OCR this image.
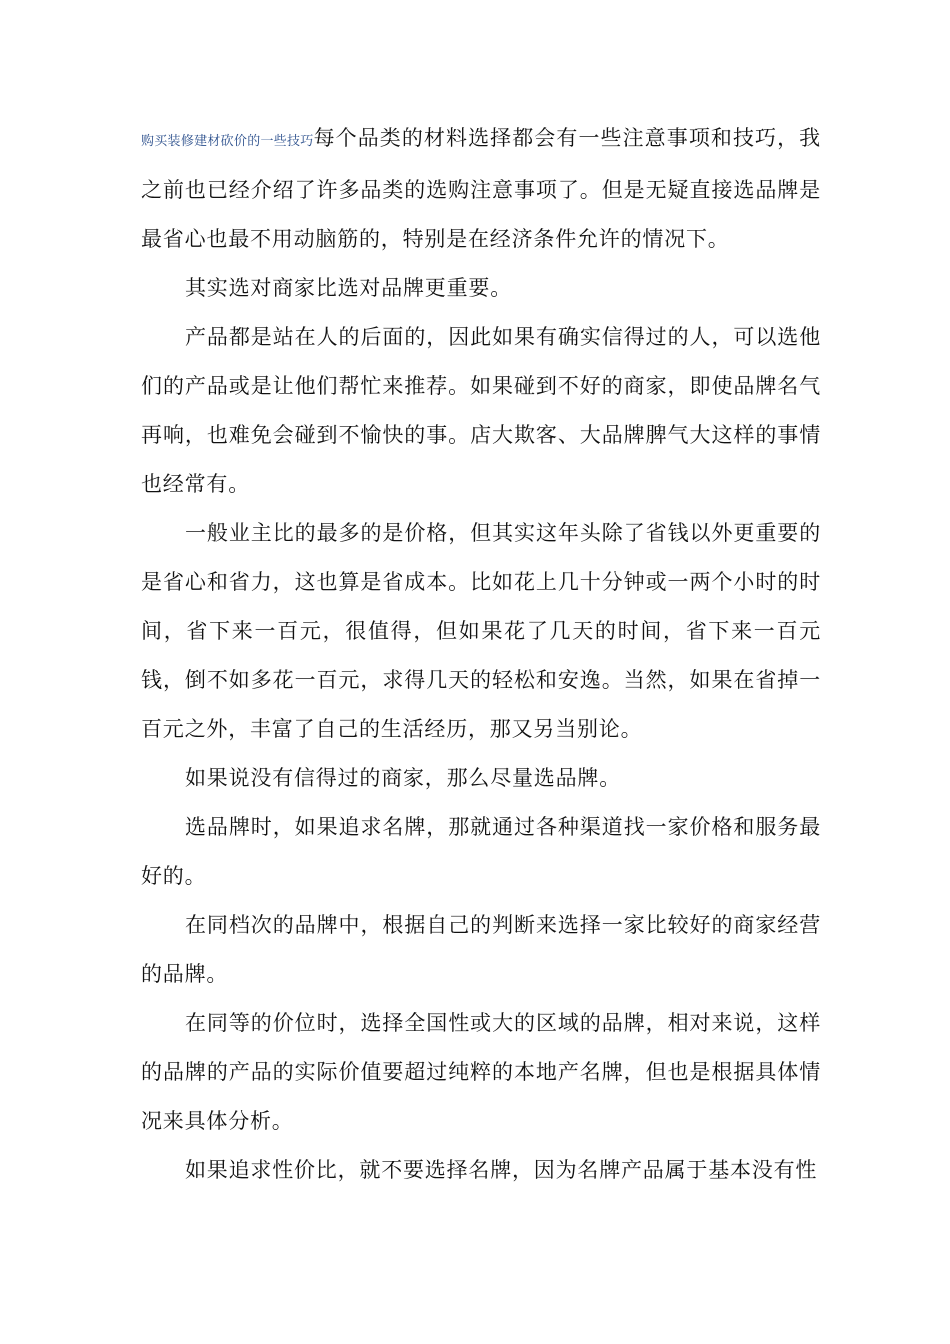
购买装修建材砍价的一些技巧每个品类的材料选择都会有一些注意事项和技巧，我之前也已经介绍了许多品类的选购注意事项了。但是无疑直接选品牌是最省心也最不用动脑筋的，特别是在经济条件允许的情况下。

其实选对商家比选对品牌更重要。

产品都是站在人的后面的，因此如果有确实信得过的人，可以选他们的产品或是让他们帮忙来推荐。如果碰到不好的商家，即使品牌名气再响，也难免会碰到不愉快的事。店大欺客、大品牌脾气大这样的事情也经常有。

一般业主比的最多的是价格，但其实这年头除了省钱以外更重要的是省心和省力，这也算是省成本。比如花上几十分钟或一两个小时的时间，省下来一百元，很值得，但如果花了几天的时间，省下来一百元钱，倒不如多花一百元，求得几天的轻松和安逸。当然，如果在省掉一百元之外，丰富了自己的生活经历，那又另当别论。

如果说没有信得过的商家，那么尽量选品牌。

选品牌时，如果追求名牌，那就通过各种渠道找一家价格和服务最好的。

在同档次的品牌中，根据自己的判断来选择一家比较好的商家经营的品牌。

在同等的价位时，选择全国性或大的区域的品牌，相对来说，这样的品牌的产品的实际价值要超过纯粹的本地产名牌，但也是根据具体情况来具体分析。

如果追求性价比，就不要选择名牌，因为名牌产品属于基本没有性
